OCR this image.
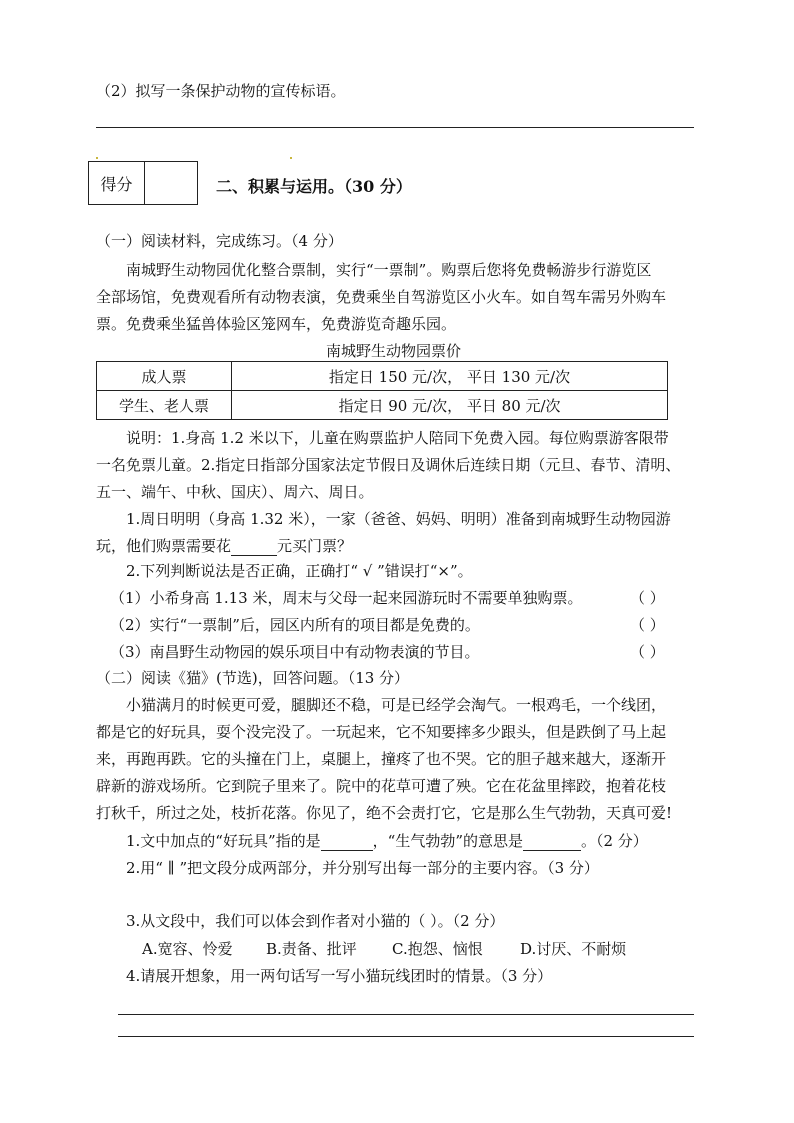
（2）拟写一条保护动物的宣传标语。
得分	二、积累与运用。（30 分）
（一）阅读材料，完成练习。（4 分）
南城野生动物园优化整合票制，实行“一票制”。购票后您将免费畅游步行游览区
全部场馆，免费观看所有动物表演，免费乘坐自驾游览区小火车。如自驾车需另外购车
票。免费乘坐猛兽体验区笼网车，免费游览奇趣乐园。
南城野生动物园票价
成人票	指定日 150 元/次， 平日 130 元/次
学生、老人票	指定日 90 元/次， 平日 80 元/次
说明：1.身高 1.2 米以下，儿童在购票监护人陪同下免费入园。每位购票游客限带
一名免票儿童。2.指定日指部分国家法定节假日及调休后连续日期（元旦、春节、清明、
五一、端午、中秋、国庆）、周六、周日。
1.周日明明（身高 1.32 米），一家（爸爸、妈妈、明明）准备到南城野生动物园游
玩，他们购票需要花	元买门票？
2.下列判断说法是否正确，正确打“ √ ”错误打“×”。
（1）小希身高 1.13 米，周末与父母一起来园游玩时不需要单独购票。	（ ）
（2）实行“一票制”后，园区内所有的项目都是免费的。	（ ）
（3）南昌野生动物园的娱乐项目中有动物表演的节目。	（ ）
（二）阅读《猫》(节选)，回答问题。（13 分）
小猫满月的时候更可爱，腿脚还不稳，可是已经学会淘气。一根鸡毛，一个线团，
都是它的好玩具，耍个没完没了。一玩起来，它不知要摔多少跟头，但是跌倒了马上起
来，再跑再跌。它的头撞在门上，桌腿上，撞疼了也不哭。它的胆子越来越大，逐渐开
辟新的游戏场所。它到院子里来了。院中的花草可遭了殃。它在花盆里摔跤，抱着花枝
打秋千，所过之处，枝折花落。你见了，绝不会责打它，它是那么生气勃勃，天真可爱!
1.文中加点的“好玩具”指的是	，“生气勃勃”的意思是	。（2 分）
2.用“ ∥ ”把文段分成两部分，并分别写出每一部分的主要内容。（3 分）
3.从文段中，我们可以体会到作者对小猫的（ ）。（2 分）
A.宽容、怜爱 B.责备、批评 C.抱怨、恼恨 D.讨厌、不耐烦
4.请展开想象，用一两句话写一写小猫玩线团时的情景。（3 分）
